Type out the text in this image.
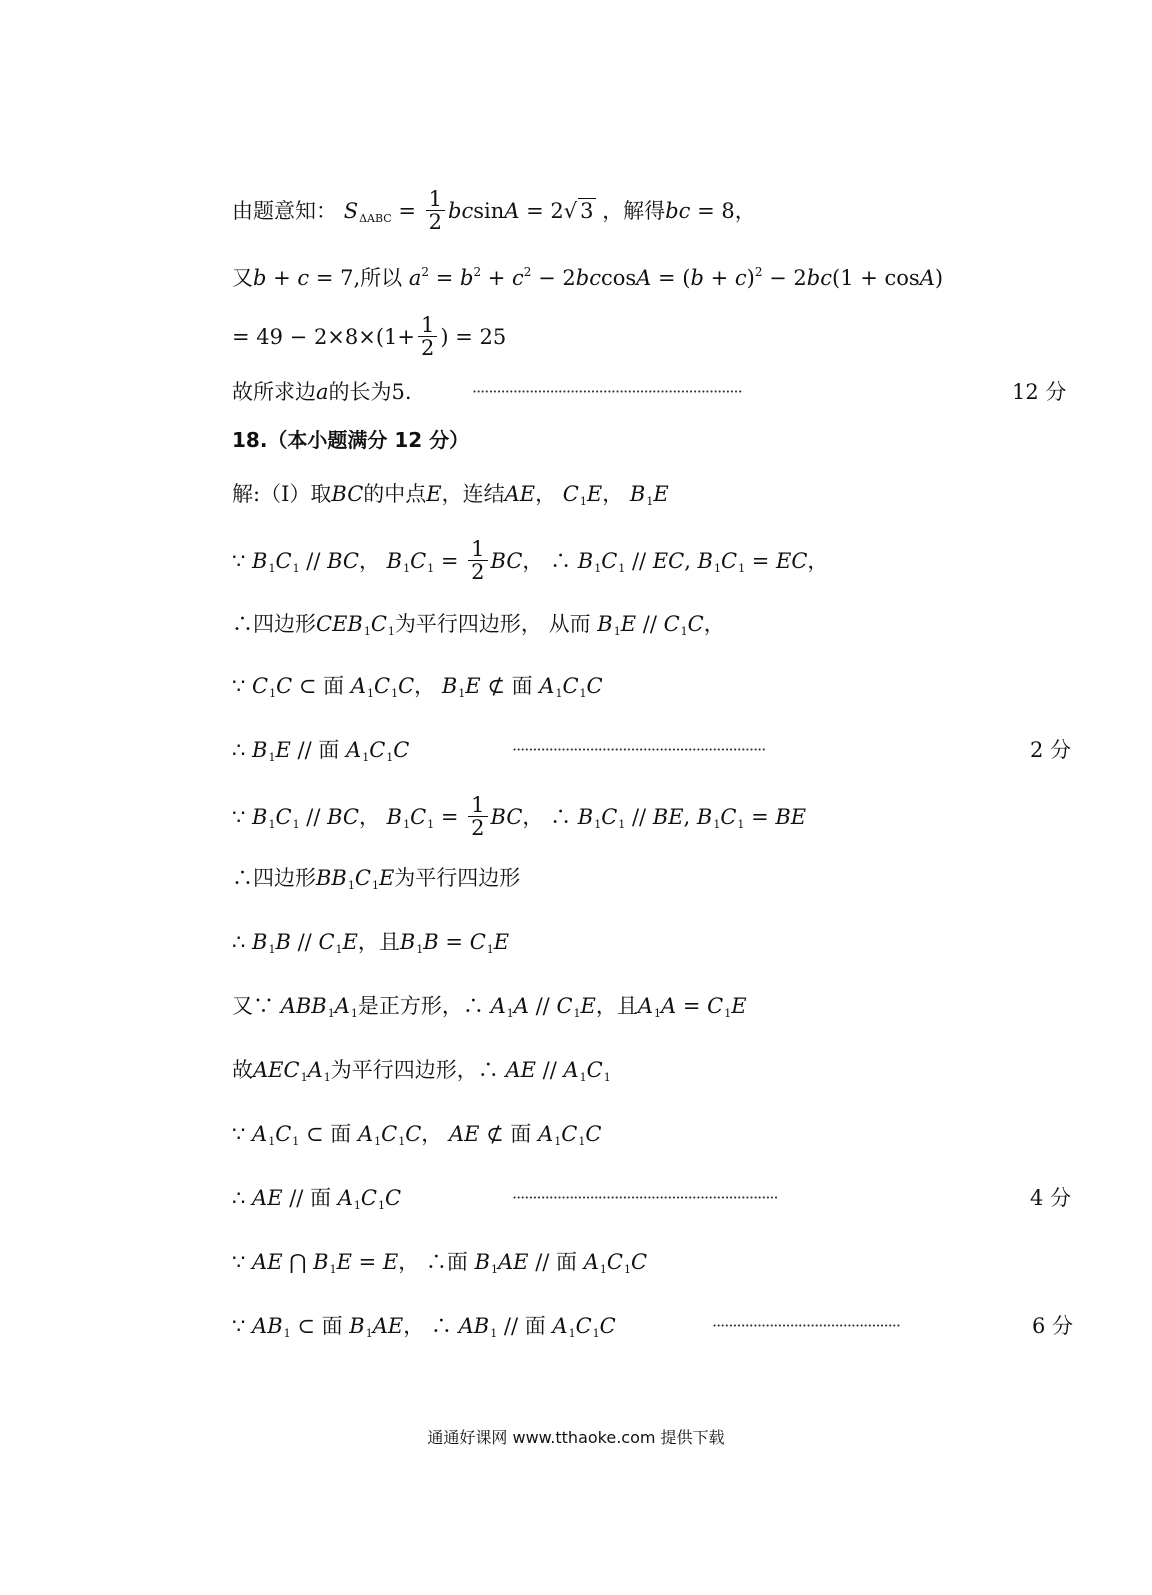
由题意知： $S_{\Delta ABC} = \frac{1}{2}$ bcsinA = 2√ 3 ，解得bc = 8，
又b + c = 7,所以 $a^2 = b^2 + c^2 - 2bccosA = (b + c)^2 - 2bc(1 + \cos A)$
= $49 - 2\times 8\times(1+ \frac{1}{2}$ ) = 25
故所求边a的长为5.	··································································	12 分
18.（本小题满分 12 分）
解:（Ⅰ）取BC的中点E，连结AE， $C_1E$， $B_1E$
∵ $B_1C_1$ // BC， $B_1C_1 = \frac{1}{2}$ BC， ∴ $B_1C_1$ // EC, $B_1C_1$ = EC，
∴四边形$CEB_1C_1$为平行四边形， 从而 $B_1E // C_1C$，
∵ $C_1C$ ⊂ 面 $A_1C_1C$， $B_1E$ ⊄ 面 $A_1C_1C$
∴ $B_1E$ // 面 $A_1C_1C$	······························································	2 分
∵ $B_1C_1$ // BC， $B_1C_1 = \frac{1}{2}$ BC， ∴ $B_1C_1$ // BE, $B_1C_1$ = BE
∴四边形$BB_1C_1E$为平行四边形
∴ $B_1B // C_1E$，且$B_1B = C_1E$
又∵ $ABB_1A_1$是正方形，∴ $A_1A // C_1E$，且$A_1A = C_1E$
故$AEC_1A_1$为平行四边形，∴ AE // $A_1C_1$
∵ $A_1C_1$ ⊂ 面 $A_1C_1C$， AE ⊄ 面 $A_1C_1C$
∴ AE // 面 $A_1C_1C$	·································································	4 分
∵ AE ⋂ $B_1E = E$， ∴面 $B_1AE$ // 面 $A_1C_1C$
∵ $AB_1$ ⊂ 面 $B_1AE$， ∴ $AB_1$ // 面 $A_1C_1C$	··············································	6 分
通通好课网 www.tthaoke.com 提供下载
